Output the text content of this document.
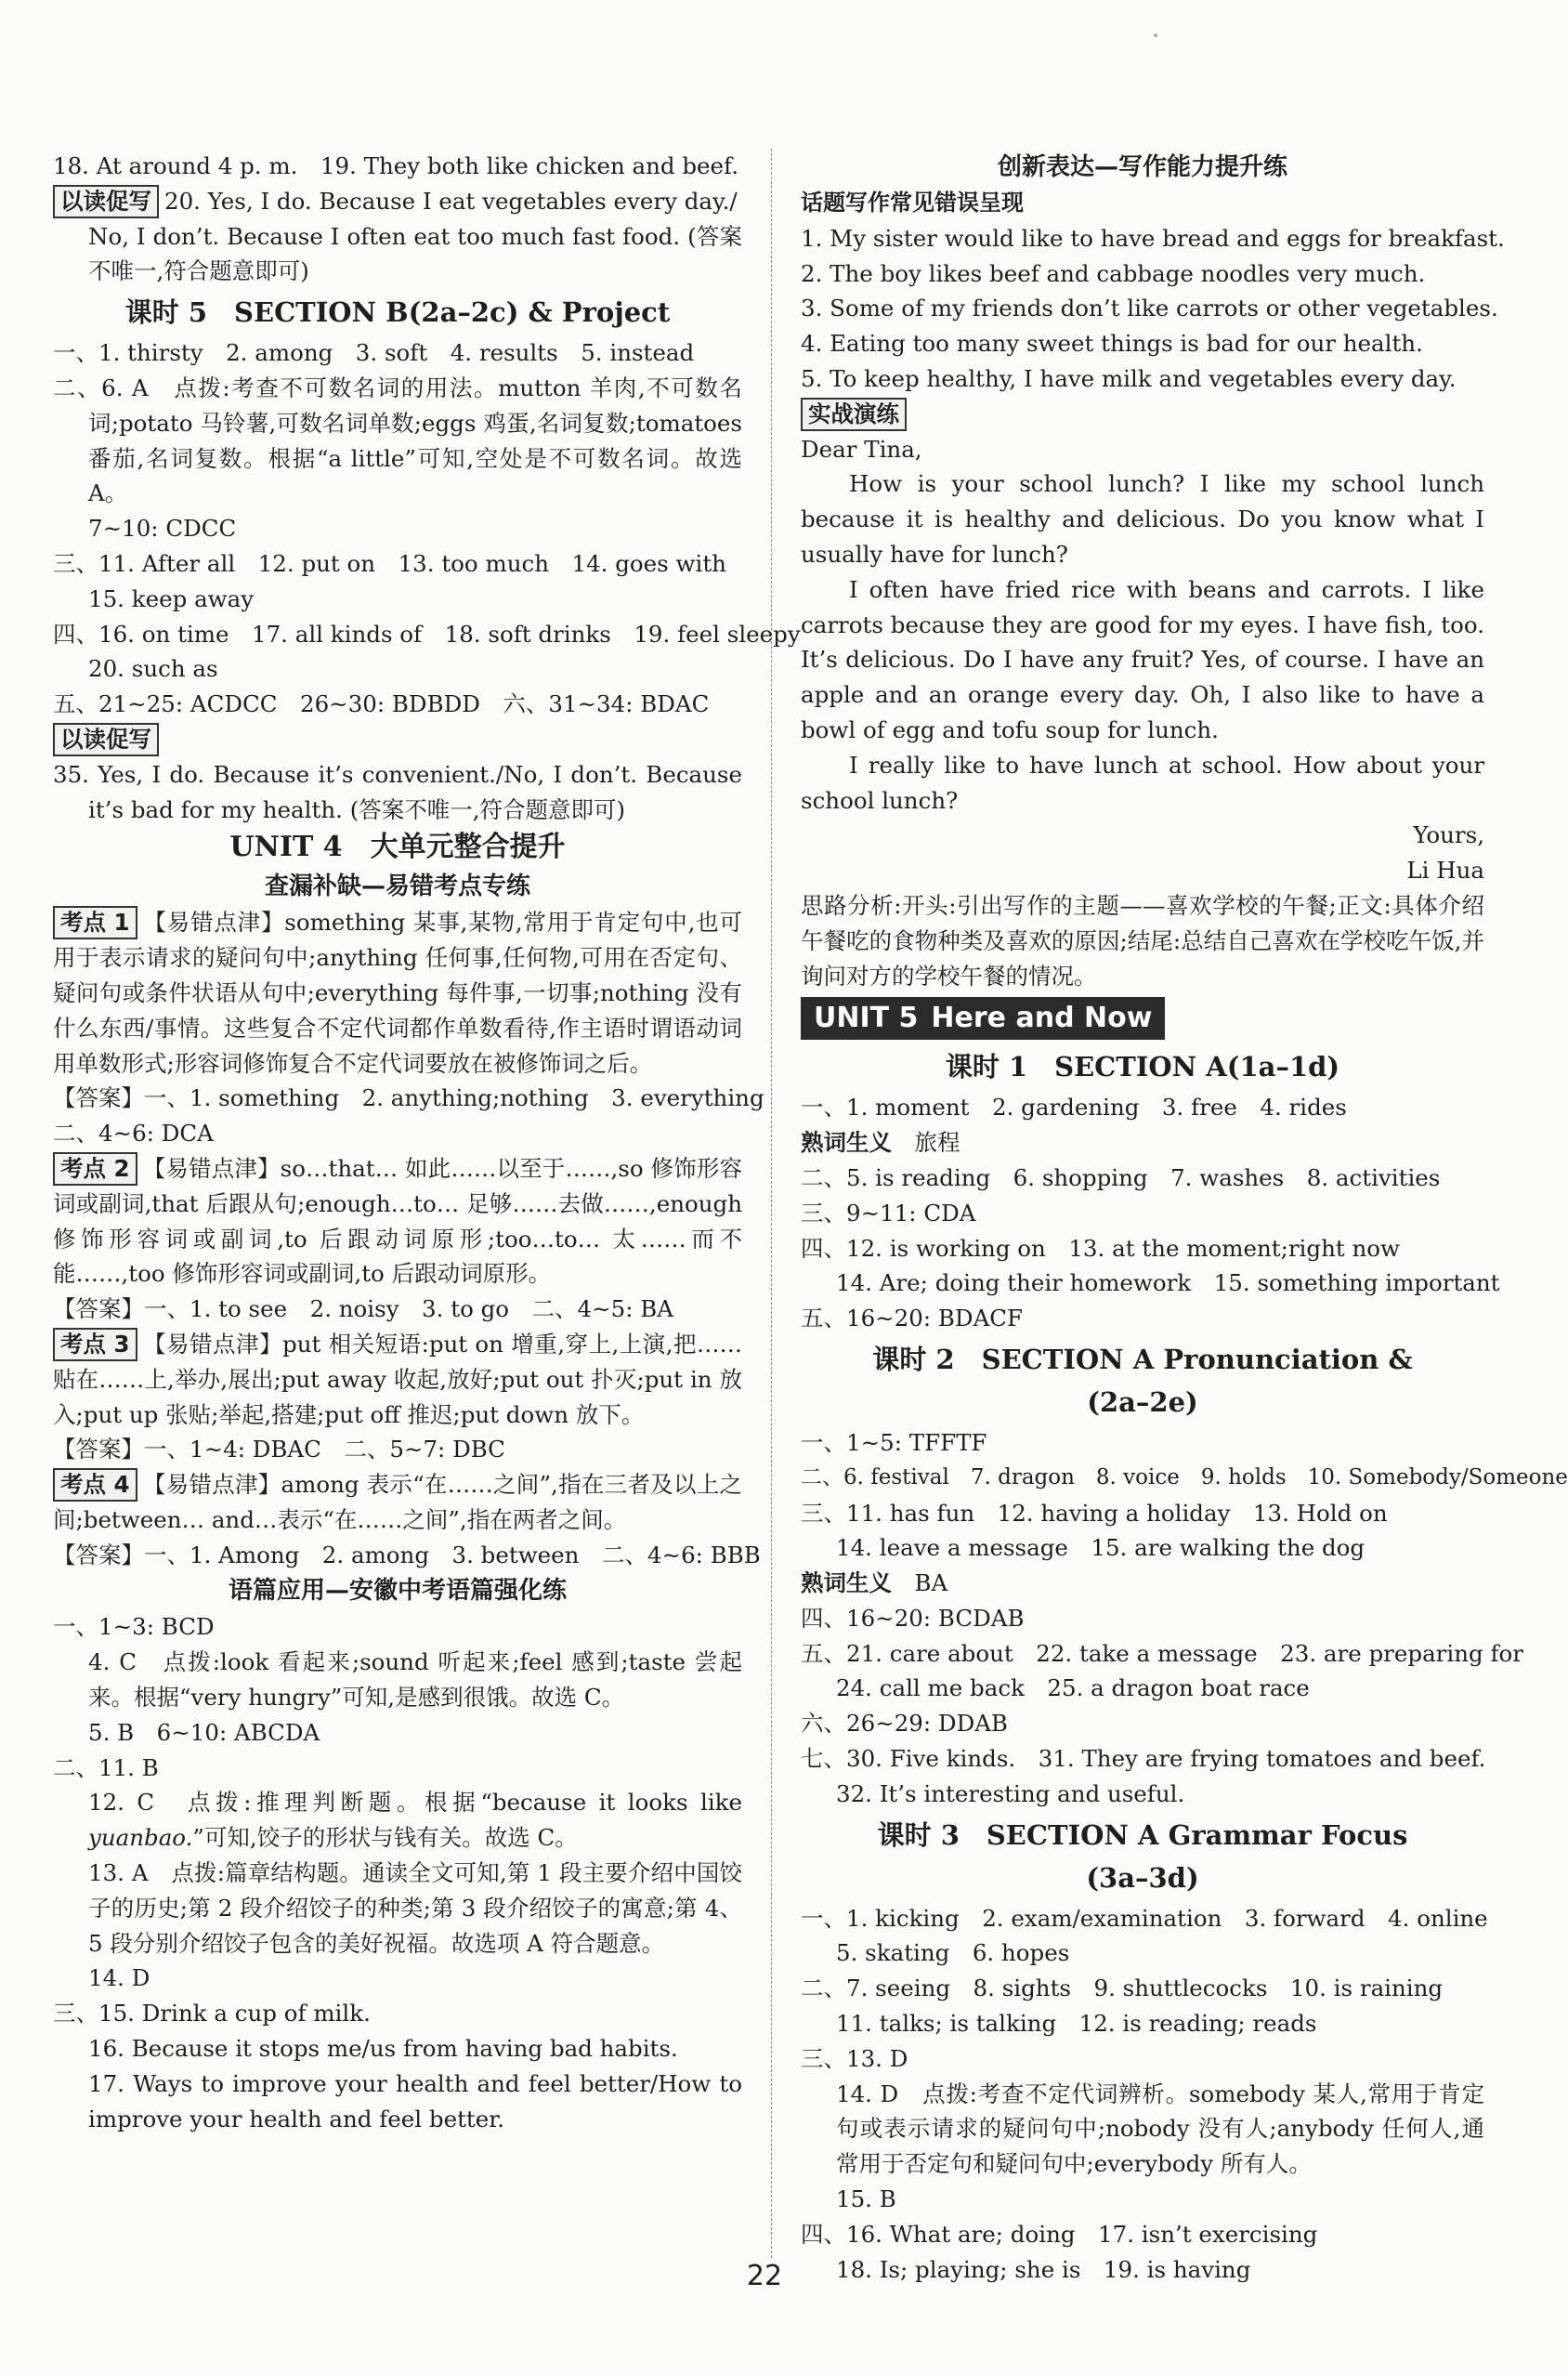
18. At around 4 p. m.　19. They both like chicken and beef.
以读促写 20. Yes, I do. Because I eat vegetables every day./
No, I don’t. Because I often eat too much fast food. (答案不唯一,符合题意即可)
课时 5　SECTION B(2a–2c) & Project
一、1. thirsty　2. among　3. soft　4. results　5. instead
二、6. A　点拨:考查不可数名词的用法。mutton 羊肉,不可数名词;potato 马铃薯,可数名词单数;eggs 鸡蛋,名词复数;tomatoes 番茄,名词复数。根据“a little”可知,空处是不可数名词。故选 A。
7~10: CDCC
三、11. After all　12. put on　13. too much　14. goes with
15. keep away
四、16. on time　17. all kinds of　18. soft drinks　19. feel sleepy
20. such as
五、21~25: ACDCC　26~30: BDBDD　六、31~34: BDAC
以读促写
35. Yes, I do. Because it’s convenient./No, I don’t. Because it’s bad for my health. (答案不唯一,符合题意即可)
UNIT 4　大单元整合提升
查漏补缺—易错考点专练
考点 1 【易错点津】something 某事,某物,常用于肯定句中,也可用于表示请求的疑问句中;anything 任何事,任何物,可用在否定句、疑问句或条件状语从句中;everything 每件事,一切事;nothing 没有什么东西/事情。这些复合不定代词都作单数看待,作主语时谓语动词用单数形式;形容词修饰复合不定代词要放在被修饰词之后。
【答案】一、1. something　2. anything;nothing　3. everything
二、4~6: DCA
考点 2 【易错点津】so…that… 如此……以至于……,so 修饰形容词或副词,that 后跟从句;enough…to… 足够……去做……,enough 修饰形容词或副词,to 后跟动词原形;too…to… 太……而不能……,too 修饰形容词或副词,to 后跟动词原形。
【答案】一、1. to see　2. noisy　3. to go　二、4~5: BA
考点 3 【易错点津】put 相关短语:put on 增重,穿上,上演,把……贴在……上,举办,展出;put away 收起,放好;put out 扑灭;put in 放入;put up 张贴;举起,搭建;put off 推迟;put down 放下。
【答案】一、1~4: DBAC　二、5~7: DBC
考点 4 【易错点津】among 表示“在……之间”,指在三者及以上之间;between… and…表示“在……之间”,指在两者之间。
【答案】一、1. Among　2. among　3. between　二、4~6: BBB
语篇应用—安徽中考语篇强化练
一、1~3: BCD
4. C　点拨:look 看起来;sound 听起来;feel 感到;taste 尝起来。根据“very hungry”可知,是感到很饿。故选 C。
5. B　6~10: ABCDA
二、11. B
12. C　点拨:推理判断题。根据“because it looks like yuanbao.”可知,饺子的形状与钱有关。故选 C。
13. A　点拨:篇章结构题。通读全文可知,第 1 段主要介绍中国饺子的历史;第 2 段介绍饺子的种类;第 3 段介绍饺子的寓意;第 4、5 段分别介绍饺子包含的美好祝福。故选项 A 符合题意。
14. D
三、15. Drink a cup of milk.
16. Because it stops me/us from having bad habits.
17. Ways to improve your health and feel better/How to improve your health and feel better.
创新表达—写作能力提升练
话题写作常见错误呈现
1. My sister would like to have bread and eggs for breakfast.
2. The boy likes beef and cabbage noodles very much.
3. Some of my friends don’t like carrots or other vegetables.
4. Eating too many sweet things is bad for our health.
5. To keep healthy, I have milk and vegetables every day.
实战演练
Dear Tina,
How is your school lunch? I like my school lunch because it is healthy and delicious. Do you know what I usually have for lunch?
I often have fried rice with beans and carrots. I like carrots because they are good for my eyes. I have fish, too. It’s delicious. Do I have any fruit? Yes, of course. I have an apple and an orange every day. Oh, I also like to have a bowl of egg and tofu soup for lunch.
I really like to have lunch at school. How about your school lunch?
Yours,
Li Hua
思路分析:开头:引出写作的主题——喜欢学校的午餐;正文:具体介绍午餐吃的食物种类及喜欢的原因;结尾:总结自己喜欢在学校吃午饭,并询问对方的学校午餐的情况。
UNIT 5 Here and Now
课时 1　SECTION A(1a–1d)
一、1. moment　2. gardening　3. free　4. rides
熟词生义　 旅程
二、5. is reading　6. shopping　7. washes　8. activities
三、9~11: CDA
四、12. is working on　13. at the moment;right now
14. Are; doing their homework　15. something important
五、16~20: BDACF
课时 2　SECTION A Pronunciation &
(2a–2e)
一、1~5: TFFTF
二、6. festival　7. dragon　8. voice　9. holds　10. Somebody/Someone
三、11. has fun　12. having a holiday　13. Hold on
14. leave a message　15. are walking the dog
熟词生义　 BA
四、16~20: BCDAB
五、21. care about　22. take a message　23. are preparing for
24. call me back　25. a dragon boat race
六、26~29: DDAB
七、30. Five kinds.　31. They are frying tomatoes and beef.
32. It’s interesting and useful.
课时 3　SECTION A Grammar Focus
(3a–3d)
一、1. kicking　2. exam/examination　3. forward　4. online
5. skating　6. hopes
二、7. seeing　8. sights　9. shuttlecocks　10. is raining
11. talks; is talking　12. is reading; reads
三、13. D
14. D　点拨:考查不定代词辨析。somebody 某人,常用于肯定句或表示请求的疑问句中;nobody 没有人;anybody 任何人,通常用于否定句和疑问句中;everybody 所有人。
15. B
四、16. What are; doing　17. isn’t exercising
18. Is; playing; she is　19. is having
22
